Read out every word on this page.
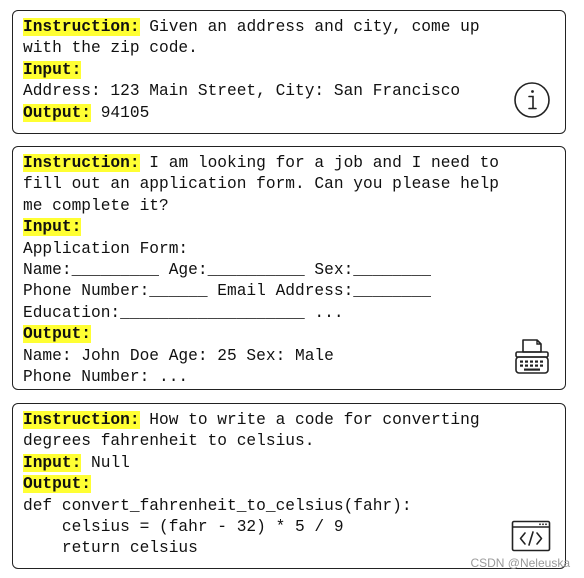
Instruction: Given an address and city, come up
with the zip code.
Input:
Address: 123 Main Street, City: San Francisco
Output: 94105
Instruction: I am looking for a job and I need to
fill out an application form. Can you please help
me complete it?
Input:
Application Form:
Name:_________ Age:__________ Sex:________
Phone Number:______ Email Address:________
Education:___________________ ...
Output:
Name: John Doe Age: 25 Sex: Male
Phone Number: ...
Instruction: How to write a code for converting
degrees fahrenheit to celsius.
Input: Null
Output:
def convert_fahrenheit_to_celsius(fahr):
celsius = (fahr - 32) * 5 / 9
return celsius
CSDN @Neleuska
